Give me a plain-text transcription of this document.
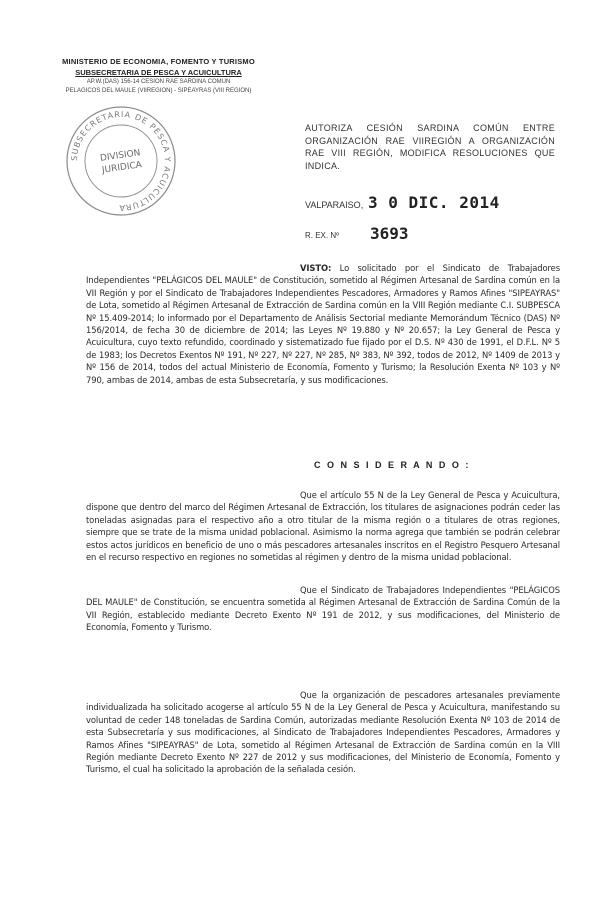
MINISTERIO DE ECONOMIA, FOMENTO Y TURISMO
SUBSECRETARIA DE PESCA Y ACUICULTURA
AP.W.(DAS) 156-14 CESION RAE SARDINA COMUN
PELAGICOS DEL MAULE (VIIREGION) - SIPEAYRAS (VIII REGION)
SUBSECRETARIA DE PESCA Y ACUICULTURA
DIVISION
JURIDICA
AUTORIZA CESIÓN SARDINA COMÚN ENTRE ORGANIZACIÓN RAE VIIREGIÓN A ORGANIZACIÓN RAE VIII REGIÓN, MODIFICA RESOLUCIONES QUE INDICA.
VALPARAISO, 3 0 DIC. 2014
R. EX. Nº 3693
VISTO: Lo solicitado por el Sindicato de Trabajadores Independientes "PELÁGICOS DEL MAULE" de Constitución, sometido al Régimen Artesanal de Sardina común en la VII Región y por el Sindicato de Trabajadores Independientes Pescadores, Armadores y Ramos Afines "SIPEAYRAS" de Lota, sometido al Régimen Artesanal de Extracción de Sardina común en la VIII Región mediante C.I. SUBPESCA Nº 15.409-2014; lo informado por el Departamento de Análisis Sectorial mediante Memorándum Técnico (DAS) Nº 156/2014, de fecha 30 de diciembre de 2014; las Leyes Nº 19.880 y Nº 20.657; la Ley General de Pesca y Acuicultura, cuyo texto refundido, coordinado y sistematizado fue fijado por el D.S. Nº 430 de 1991, el D.F.L. Nº 5 de 1983; los Decretos Exentos Nº 191, Nº 227, Nº 227, Nº 285, Nº 383, Nº 392, todos de 2012, Nº 1409 de 2013 y Nº 156 de 2014, todos del actual Ministerio de Economía, Fomento y Turismo; la Resolución Exenta Nº 103 y Nº 790, ambas de 2014, ambas de esta Subsecretaría, y sus modificaciones.
C O N S I D E R A N D O :
Que el artículo 55 N de la Ley General de Pesca y Acuicultura, dispone que dentro del marco del Régimen Artesanal de Extracción, los titulares de asignaciones podrán ceder las toneladas asignadas para el respectivo año a otro titular de la misma región o a titulares de otras regiones, siempre que se trate de la misma unidad poblacional. Asimismo la norma agrega que también se podrán celebrar estos actos jurídicos en beneficio de uno o más pescadores artesanales inscritos en el Registro Pesquero Artesanal en el recurso respectivo en regiones no sometidas al régimen y dentro de la misma unidad poblacional.
Que el Sindicato de Trabajadores Independientes "PELÁGICOS DEL MAULE" de Constitución, se encuentra sometida al Régimen Artesanal de Extracción de Sardina Común de la VII Región, establecido mediante Decreto Exento Nº 191 de 2012, y sus modificaciones, del Ministerio de Economía, Fomento y Turismo.
Que la organización de pescadores artesanales previamente individualizada ha solicitado acogerse al artículo 55 N de la Ley General de Pesca y Acuicultura, manifestando su voluntad de ceder 148 toneladas de Sardina Común, autorizadas mediante Resolución Exenta Nº 103 de 2014 de esta Subsecretaría y sus modificaciones, al Sindicato de Trabajadores Independientes Pescadores, Armadores y Ramos Afines "SIPEAYRAS" de Lota, sometido al Régimen Artesanal de Extracción de Sardina común en la VIII Región mediante Decreto Exento Nº 227 de 2012 y sus modificaciones, del Ministerio de Economía, Fomento y Turismo, el cual ha solicitado la aprobación de la señalada cesión.
